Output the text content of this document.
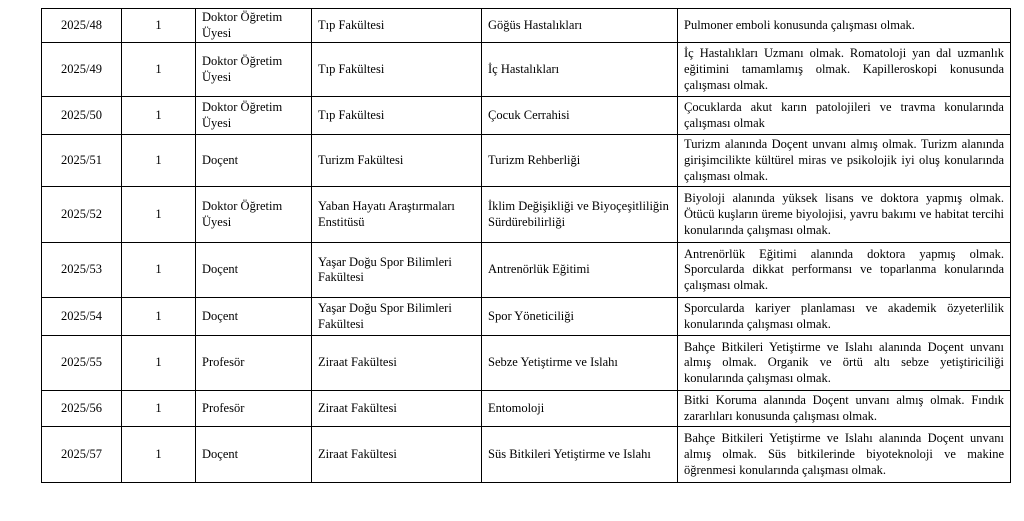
2025/48	1	Doktor Öğretim Üyesi	Tıp Fakültesi	Göğüs Hastalıkları	Pulmoner emboli konusunda çalışması olmak.
2025/49	1	Doktor Öğretim Üyesi	Tıp Fakültesi	İç Hastalıkları	İç Hastalıkları Uzmanı olmak. Romatoloji yan dal uzmanlık eğitimini tamamlamış olmak. Kapilleroskopi konusunda çalışması olmak.
2025/50	1	Doktor Öğretim Üyesi	Tıp Fakültesi	Çocuk Cerrahisi	Çocuklarda akut karın patolojileri ve travma konularında çalışması olmak
2025/51	1	Doçent	Turizm Fakültesi	Turizm Rehberliği	Turizm alanında Doçent unvanı almış olmak. Turizm alanında girişimcilikte kültürel miras ve psikolojik iyi oluş konularında çalışması olmak.
2025/52	1	Doktor Öğretim Üyesi	Yaban Hayatı Araştırmaları Enstitüsü	İklim Değişikliği ve Biyoçeşitliliğin Sürdürebilirliği	Biyoloji alanında yüksek lisans ve doktora yapmış olmak. Ötücü kuşların üreme biyolojisi, yavru bakımı ve habitat tercihi konularında çalışması olmak.
2025/53	1	Doçent	Yaşar Doğu Spor Bilimleri Fakültesi	Antrenörlük Eğitimi	Antrenörlük Eğitimi alanında doktora yapmış olmak. Sporcularda dikkat performansı ve toparlanma konularında çalışması olmak.
2025/54	1	Doçent	Yaşar Doğu Spor Bilimleri Fakültesi	Spor Yöneticiliği	Sporcularda kariyer planlaması ve akademik özyeterlilik konularında çalışması olmak.
2025/55	1	Profesör	Ziraat Fakültesi	Sebze Yetiştirme ve Islahı	Bahçe Bitkileri Yetiştirme ve Islahı alanında Doçent unvanı almış olmak. Organik ve örtü altı sebze yetiştiriciliği konularında çalışması olmak.
2025/56	1	Profesör	Ziraat Fakültesi	Entomoloji	Bitki Koruma alanında Doçent unvanı almış olmak. Fındık zararlıları konusunda çalışması olmak.
2025/57	1	Doçent	Ziraat Fakültesi	Süs Bitkileri Yetiştirme ve Islahı	Bahçe Bitkileri Yetiştirme ve Islahı alanında Doçent unvanı almış olmak. Süs bitkilerinde biyoteknoloji ve makine öğrenmesi konularında çalışması olmak.
